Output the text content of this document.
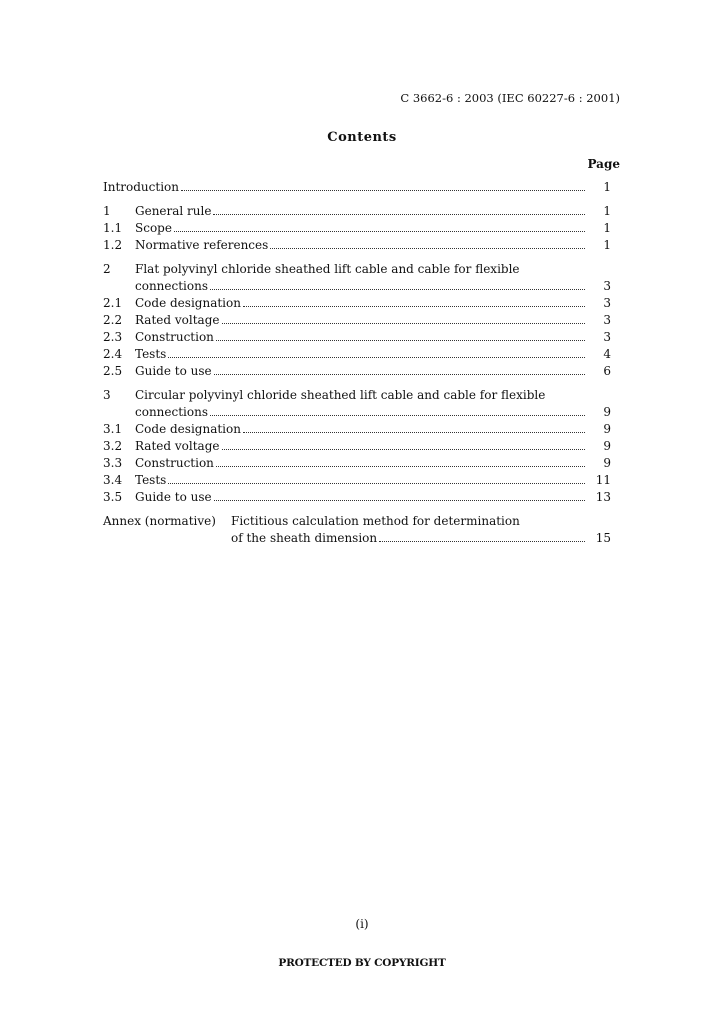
C 3662-6 : 2003 (IEC 60227-6 : 2001)
Contents
Page
Introduction	1
1	General rule	1
1.1	Scope	1
1.2	Normative references	1
2	Flat polyvinyl chloride sheathed lift cable and cable for flexible
connections	3
2.1	Code designation	3
2.2	Rated voltage	3
2.3	Construction	3
2.4	Tests	4
2.5	Guide to use	6
3	Circular polyvinyl chloride sheathed lift cable and cable for flexible
connections	9
3.1	Code designation	9
3.2	Rated voltage	9
3.3	Construction	9
3.4	Tests	11
3.5	Guide to use	13
Annex (normative)	Fictitious calculation method for determination
of the sheath dimension	15
(i)
PROTECTED BY COPYRIGHT
